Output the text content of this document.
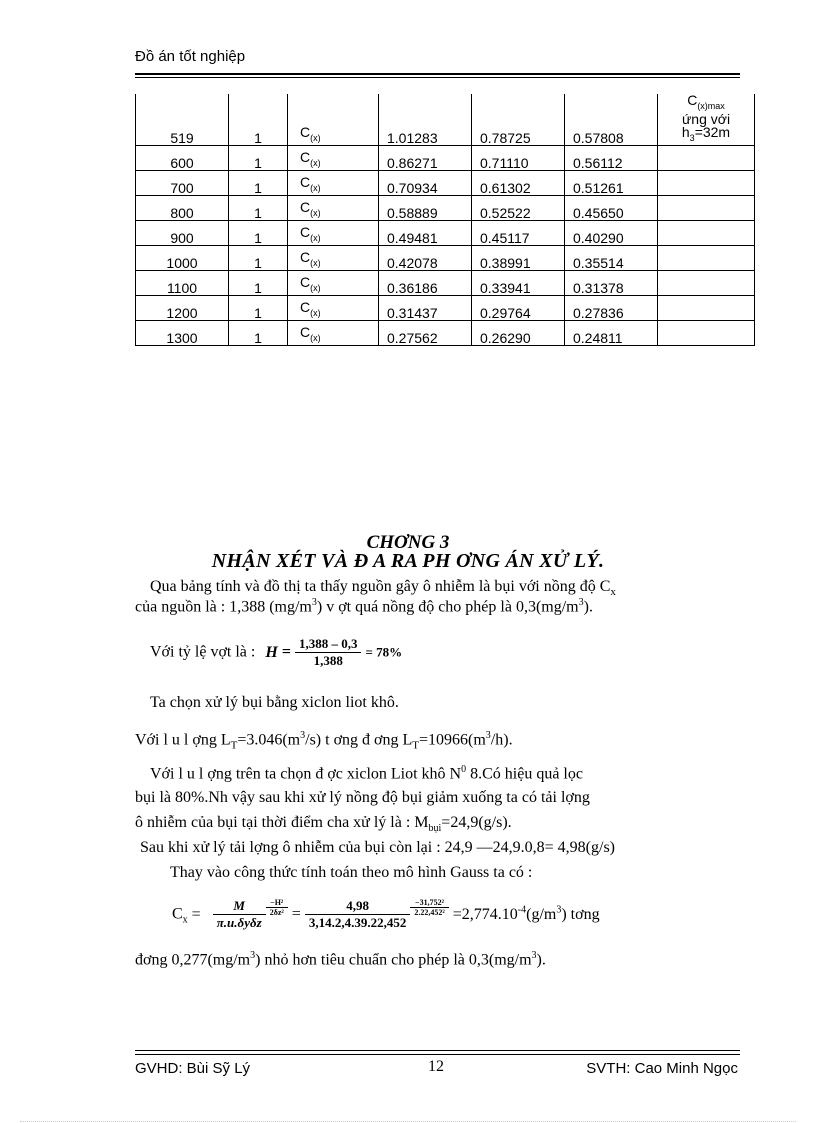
Đồ án tốt nghiệp
519	1	$C_{(x)}$	1.01283	0.78725	0.57808	$C_{(x)max}$
ứng với
$h_3=32m$

600	1	$C_{(x)}$	0.86271	0.71110	0.56112	
700	1	$C_{(x)}$	0.70934	0.61302	0.51261	
800	1	$C_{(x)}$	0.58889	0.52522	0.45650	
900	1	$C_{(x)}$	0.49481	0.45117	0.40290	
1000	1	$C_{(x)}$	0.42078	0.38991	0.35514	
1100	1	$C_{(x)}$	0.36186	0.33941	0.31378	
1200	1	$C_{(x)}$	0.31437	0.29764	0.27836	
1300	1	$C_{(x)}$	0.27562	0.26290	0.24811	
CHƠNG 3
NHẬN XÉT VÀ Đ A RA PH ƠNG ÁN XỬ LÝ.
Qua bảng tính và đồ thị ta thấy nguồn gây ô nhiễm là bụi với nồng độ $C_x$
của nguồn là : 1,388 $(mg/m^3)$ v ợt quá nồng độ cho phép là $0,3(mg/m^3)$.
Với tỷ lệ vợt là : $H = \frac{1,388 - 0,3}{1,388} = 78\%$
Ta chọn xử lý bụi bằng xiclon liot khô.
Với l u l ợng $L_T=3.046(m^3/s)$ t ơng đ ơng $L_T=10966(m^3/h)$.
Với l u l ợng trên ta chọn đ ợc xiclon Liot khô $N^0$ 8.Có hiệu quả lọc
bụi là 80%.Nh vậy sau khi xử lý nồng độ bụi giảm xuống ta có tải lợng
ô nhiễm của bụi tại thời điểm cha xử lý là : $M_{bụi}=24,9(g/s)$.
Sau khi xử lý tải lợng ô nhiễm của bụi còn lại : 24,9 —24,9.0,8= 4,98(g/s)
Thay vào công thức tính toán theo mô hình Gauss ta có :
$C_x = \frac{M}{\text{π.u.δyδz}} \frac{\text{−H²}}{\text{2δz²}} = \frac{4,98}{3,14.2,4.39.22,452} \frac{\text{−31,752²}}{\text{2.22,452²}} =2,774.10^{-4}(g/m^3)$ tơng
đơng $0,277(mg/m^3)$ nhỏ hơn tiêu chuẩn cho phép là $0,3(mg/m^3)$.
GVHD: Bùi Sỹ Lý	12	SVTH: Cao Minh Ngọc
